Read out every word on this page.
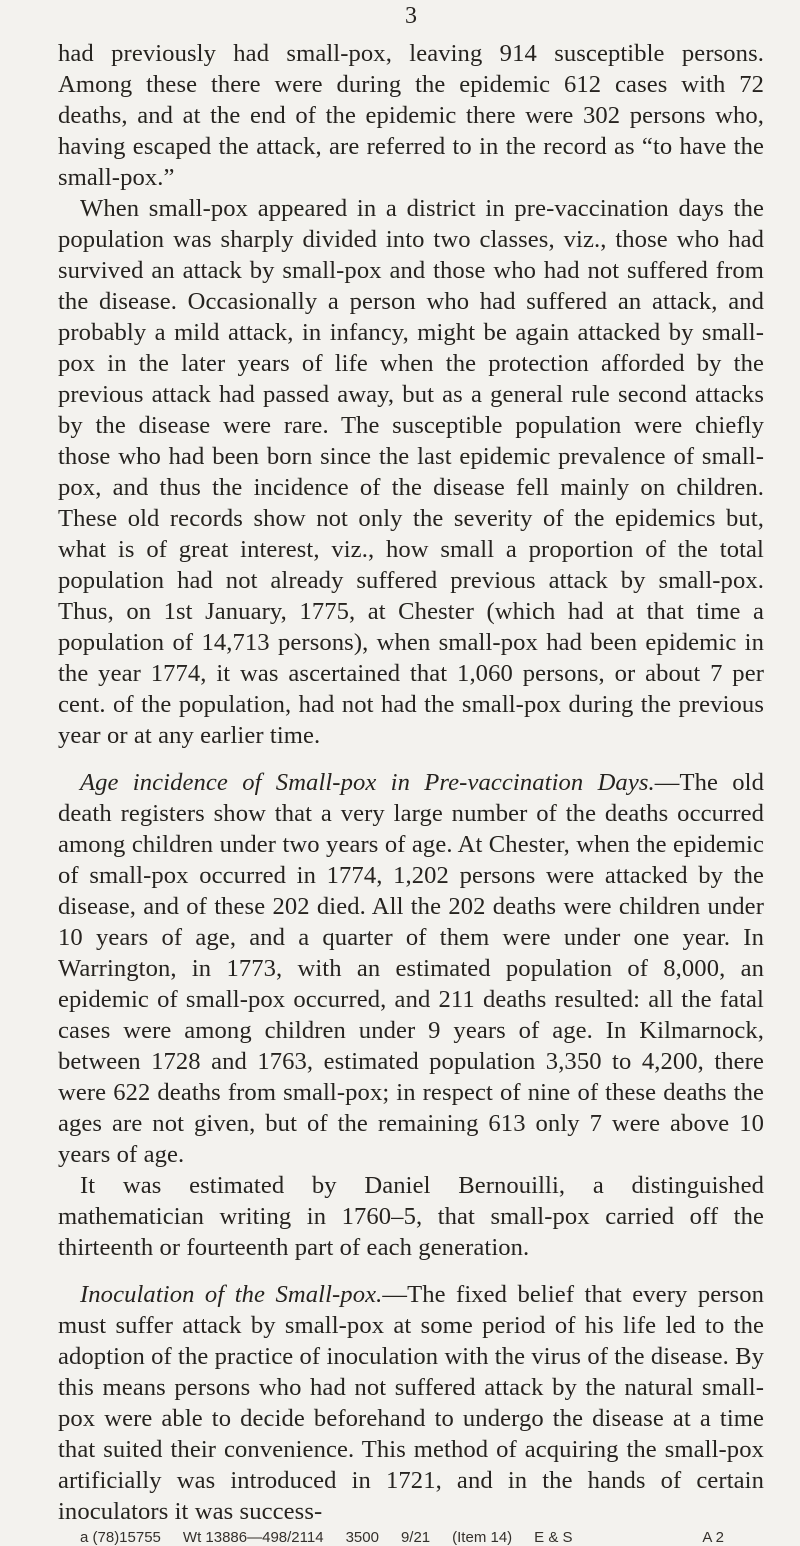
3

had previously had small-pox, leaving 914 susceptible persons. Among these there were during the epidemic 612 cases with 72 deaths, and at the end of the epidemic there were 302 persons who, having escaped the attack, are referred to in the record as “to have the small-pox.”

When small-pox appeared in a district in pre-vaccination days the population was sharply divided into two classes, viz., those who had survived an attack by small-pox and those who had not suffered from the disease. Occasionally a person who had suffered an attack, and probably a mild attack, in infancy, might be again attacked by small-pox in the later years of life when the protection afforded by the previous attack had passed away, but as a general rule second attacks by the disease were rare. The susceptible population were chiefly those who had been born since the last epidemic prevalence of small-pox, and thus the incidence of the disease fell mainly on children. These old records show not only the severity of the epidemics but, what is of great interest, viz., how small a proportion of the total population had not already suffered previous attack by small-pox. Thus, on 1st January, 1775, at Chester (which had at that time a population of 14,713 persons), when small-pox had been epidemic in the year 1774, it was ascertained that 1,060 persons, or about 7 per cent. of the population, had not had the small-pox during the previous year or at any earlier time.

Age incidence of Small-pox in Pre-vaccination Days.—The old death registers show that a very large number of the deaths occurred among children under two years of age. At Chester, when the epidemic of small-pox occurred in 1774, 1,202 persons were attacked by the disease, and of these 202 died. All the 202 deaths were children under 10 years of age, and a quarter of them were under one year. In Warrington, in 1773, with an estimated population of 8,000, an epidemic of small-pox occurred, and 211 deaths resulted: all the fatal cases were among children under 9 years of age. In Kilmarnock, between 1728 and 1763, estimated population 3,350 to 4,200, there were 622 deaths from small-pox; in respect of nine of these deaths the ages are not given, but of the remaining 613 only 7 were above 10 years of age.

It was estimated by Daniel Bernouilli, a distinguished mathematician writing in 1760–5, that small-pox carried off the thirteenth or fourteenth part of each generation.

Inoculation of the Small-pox.—The fixed belief that every person must suffer attack by small-pox at some period of his life led to the adoption of the practice of inoculation with the virus of the disease. By this means persons who had not suffered attack by the natural small-pox were able to decide beforehand to undergo the disease at a time that suited their convenience. This method of acquiring the small-pox artificially was introduced in 1721, and in the hands of certain inoculators it was success-

a (78)15755 Wt 13886—498/2114 3500 9/21 (Item 14) E & S	A 2
